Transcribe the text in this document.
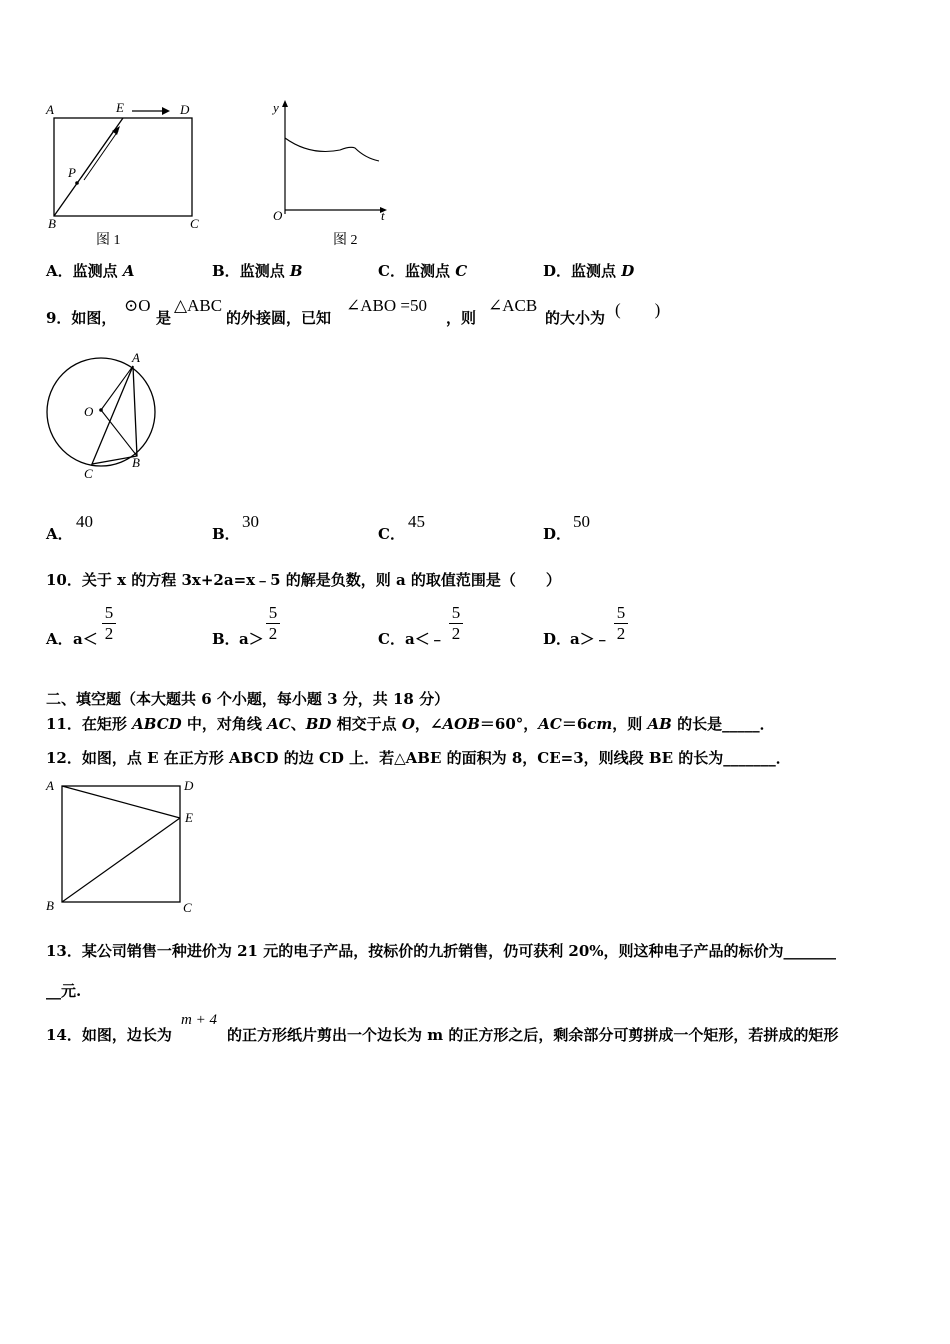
A	E	D
P
B	C
图 1
y
O	t
图 2
A．监测点 A	B．监测点 B	C．监测点 C	D．监测点 D
9．如图，
⊙O
是
△ABC
的外接圆，已知
∠ABO =50
，则
∠ACB
的大小为 (　　)
A
O
C
B
A．
40
B．
30
C．
45
D．
50
10．关于 x 的方程 3x+2a=x﹣5 的解是负数，则 a 的取值范围是（　　）
A． a＜
5
2	B． a＞
5
2	C． a＜﹣
5
2	D．
a＞﹣
5
2
二、填空题（本大题共 6 个小题，每小题 3 分，共 18 分）
11．在矩形 ABCD 中，对角线 AC、BD 相交于点 O，∠AOB＝60°，AC＝6cm，则 AB 的长是_____．
12．如图，点 E 在正方形 ABCD 的边 CD 上．若△ABE 的面积为 8，CE=3，则线段 BE 的长为_______．
A	D
E
B	C
13．某公司销售一种进价为 21 元的电子产品，按标价的九折销售，仍可获利 20%，则这种电子产品的标价为_______
__元.
14．如图，边长为
m + 4
的正方形纸片剪出一个边长为 m 的正方形之后，剩余部分可剪拼成一个矩形，若拼成的矩形
